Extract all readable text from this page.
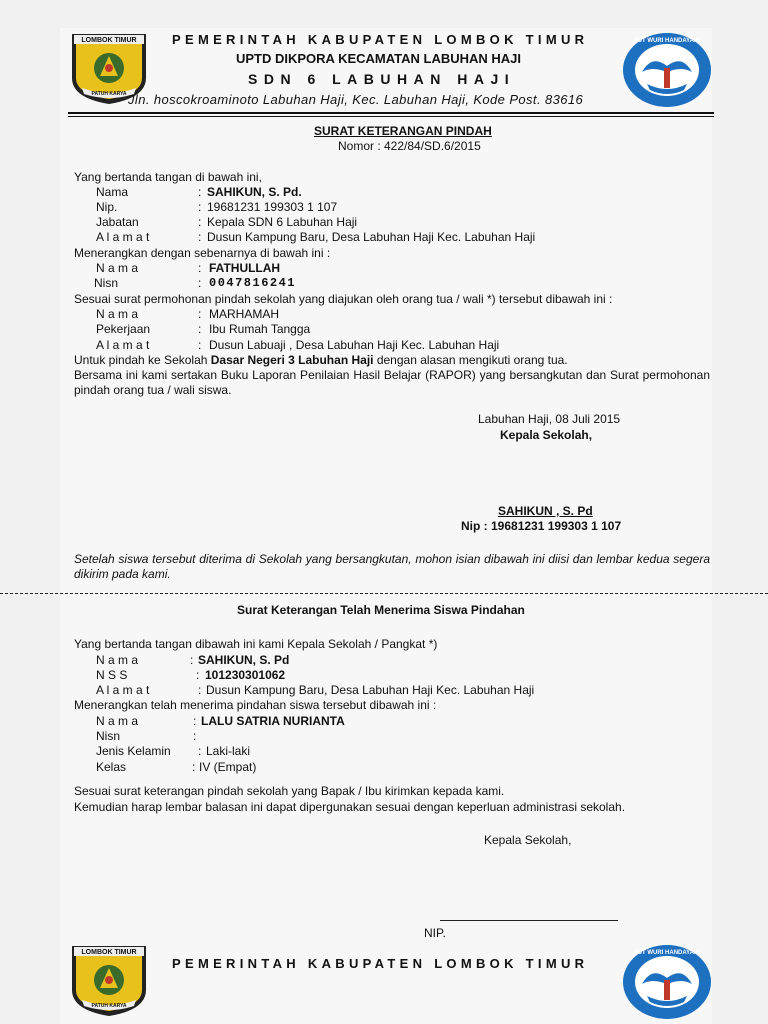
LOMBOK TIMUR
PATUH KARYA
TUT WURI HANDAYANI
PEMERINTAH KABUPATEN LOMBOK TIMUR
UPTD DIKPORA KECAMATAN LABUHAN HAJI
SDN 6 LABUHAN HAJI
Jln. hoscokroaminoto Labuhan Haji, Kec. Labuhan Haji, Kode Post. 83616
SURAT KETERANGAN PINDAH
Nomor : 422/84/SD.6/2015
Yang bertanda tangan di bawah ini,
Nama	: SAHIKUN, S. Pd.
Nip.	: 19681231 199303 1 107
Jabatan	: Kepala SDN 6 Labuhan Haji
A l a m a t	: Dusun Kampung Baru, Desa Labuhan Haji Kec. Labuhan Haji
Menerangkan dengan sebenarnya di bawah ini :
N a m a	: FATHULLAH
Nisn	: 0047816241
Sesuai surat permohonan pindah sekolah yang diajukan oleh orang tua / wali *) tersebut dibawah ini :
N a m a	: MARHAMAH
Pekerjaan	: Ibu Rumah Tangga
A l a m a t	: Dusun Labuaji , Desa Labuhan Haji Kec. Labuhan Haji
Untuk pindah ke Sekolah Dasar Negeri 3 Labuhan Haji dengan alasan mengikuti orang tua.
Bersama ini kami sertakan Buku Laporan Penilaian Hasil Belajar (RAPOR) yang bersangkutan dan Surat permohonan pindah orang tua / wali siswa.
Labuhan Haji, 08 Juli 2015
Kepala Sekolah,
SAHIKUN , S. Pd
Nip : 19681231 199303 1 107
Setelah siswa tersebut diterima di Sekolah yang bersangkutan, mohon isian dibawah ini diisi dan lembar kedua segera dikirim pada kami.
Surat Keterangan Telah Menerima Siswa Pindahan
Yang bertanda tangan dibawah ini kami Kepala Sekolah / Pangkat *)
N a m a	: SAHIKUN, S. Pd
N S S	: 101230301062
A l a m a t	: Dusun Kampung Baru, Desa Labuhan Haji Kec. Labuhan Haji
Menerangkan telah menerima pindahan siswa tersebut dibawah ini :
N a m a	: LALU SATRIA NURIANTA
Nisn	:
Jenis Kelamin : Laki-laki
Kelas	: IV (Empat)
Sesuai surat keterangan pindah sekolah yang Bapak / Ibu kirimkan kepada kami.
Kemudian harap lembar balasan ini dapat dipergunakan sesuai dengan keperluan administrasi sekolah.
Kepala Sekolah,
NIP.
LOMBOK TIMUR
PATUH KARYA
TUT WURI HANDAYANI
PEMERINTAH KABUPATEN LOMBOK TIMUR
